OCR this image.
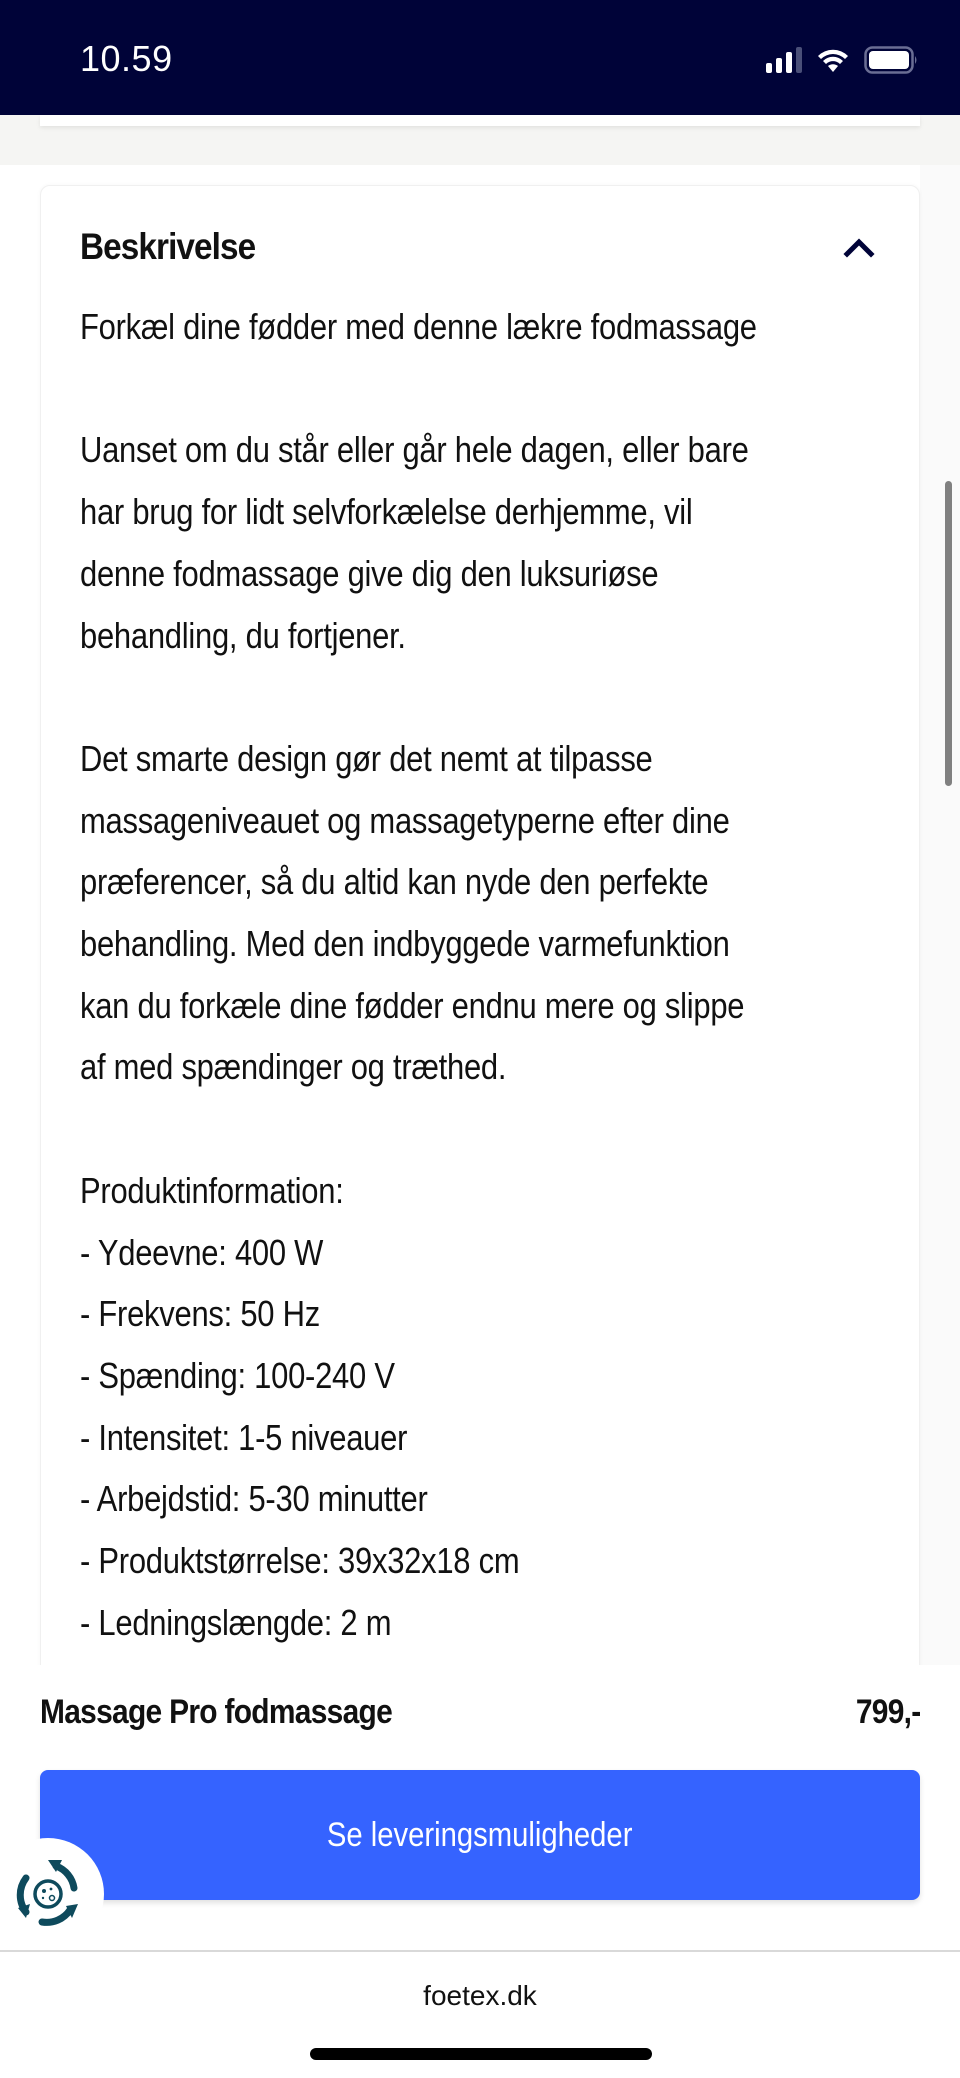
10.59
Beskrivelse

Forkæl dine fødder med denne lækre fodmassage

Uanset om du står eller går hele dagen, eller bare

har brug for lidt selvforkælelse derhjemme, vil

denne fodmassage give dig den luksuriøse

behandling, du fortjener.

Det smarte design gør det nemt at tilpasse

massageniveauet og massagetyperne efter dine

præferencer, så du altid kan nyde den perfekte

behandling. Med den indbyggede varmefunktion

kan du forkæle dine fødder endnu mere og slippe

af med spændinger og træthed.

Produktinformation:

- Ydeevne: 400 W

- Frekvens: 50 Hz

- Spænding: 100-240 V

- Intensitet: 1-5 niveauer

- Arbejdstid: 5-30 minutter

- Produktstørrelse: 39x32x18 cm

- Ledningslængde: 2 m

Massage Pro fodmassage	799,-
Se leveringsmuligheder
foetex.dk
